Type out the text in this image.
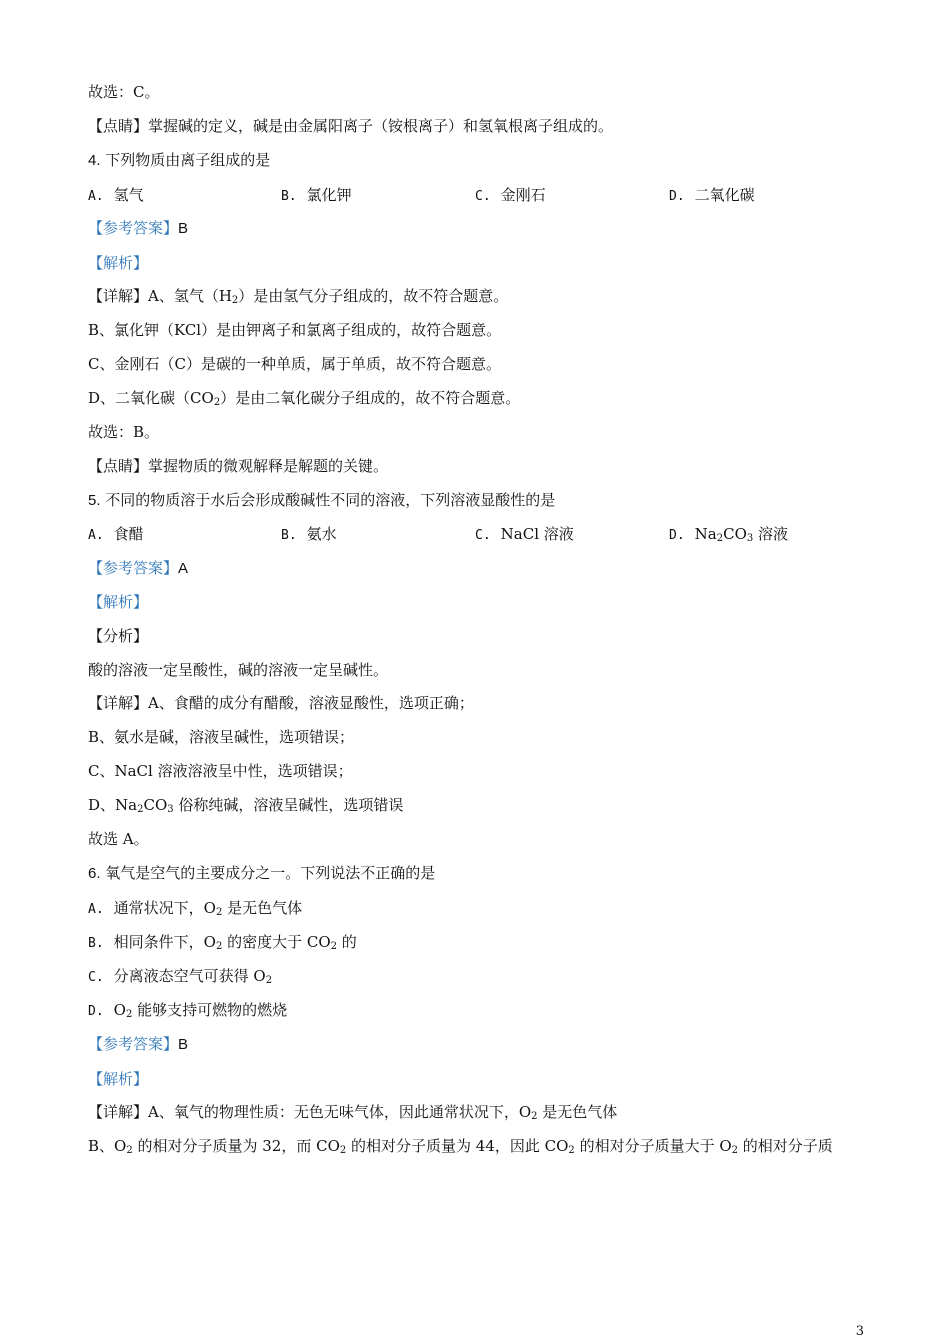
故选：C。
【点睛】掌握碱的定义，碱是由金属阳离子（铵根离子）和氢氧根离子组成的。
4. 下列物质由离子组成的是
A. 氢气	B. 氯化钾	C. 金刚石	D. 二氧化碳
【参考答案】B
【解析】
【详解】A、氢气$(H_2)$是由氢气分子组成的，故不符合题意。
B、氯化钾（KCl）是由钾离子和氯离子组成的，故符合题意。
C、金刚石（C）是碳的一种单质，属于单质，故不符合题意。
D、二氧化碳$(CO_2)$是由二氧化碳分子组成的，故不符合题意。
故选：B。
【点睛】掌握物质的微观解释是解题的关键。
5. 不同的物质溶于水后会形成酸碱性不同的溶液，下列溶液显酸性的是
A. 食醋	B. 氨水	C. NaCl 溶液	D. $Na_2CO_3$ 溶液
【参考答案】A
【解析】
【分析】
酸的溶液一定呈酸性，碱的溶液一定呈碱性。
【详解】A、食醋的成分有醋酸，溶液显酸性，选项正确；
B、氨水是碱，溶液呈碱性，选项错误；
C、NaCl 溶液溶液呈中性，选项错误；
D、$Na_2CO_3$ 俗称纯碱，溶液呈碱性，选项错误
故选 A。
6. 氧气是空气的主要成分之一。下列说法不正确的是
A. 通常状况下，$O_2$ 是无色气体
B. 相同条件下，$O_2$ 的密度大于 $CO_2$ 的
C. 分离液态空气可获得 $O_2$
D. $O_2$ 能够支持可燃物的燃烧
【参考答案】B
【解析】
【详解】A、氧气的物理性质：无色无味气体，因此通常状况下，$O_2$ 是无色气体
B、$O_2$ 的相对分子质量为 32，而 $CO_2$ 的相对分子质量为 44，因此 $CO_2$ 的相对分子质量大于 $O_2$ 的相对分子质
3
